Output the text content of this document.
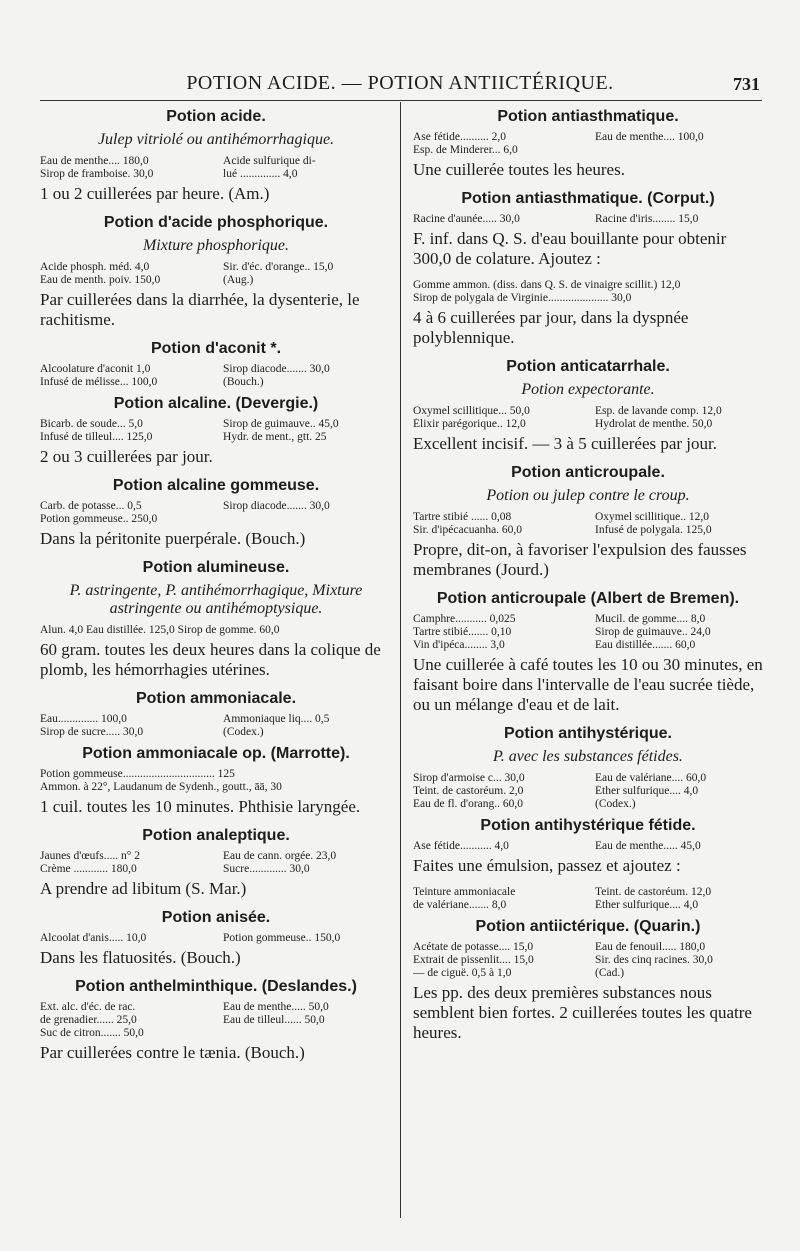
POTION ACIDE. — POTION ANTIICTÉRIQUE.	731
Potion acide.
Julep vitriolé ou antihémorrhagique.
Eau de menthe.... 180,0	Acide sulfurique di-
Sirop de framboise. 30,0	lué .............. 4,0
1 ou 2 cuillerées par heure. (Am.)
Potion d'acide phosphorique.
Mixture phosphorique.
Acide phosph. méd. 4,0	Sir. d'éc. d'orange.. 15,0
Eau de menth. poiv. 150,0	(Aug.)
Par cuillerées dans la diarrhée, la dysenterie, le rachitisme.
Potion d'aconit *.
Alcoolature d'aconit 1,0	Sirop diacode....... 30,0
Infusé de mélisse... 100,0	(Bouch.)
Potion alcaline. (Devergie.)
Bicarb. de soude... 5,0	Sirop de guimauve.. 45,0
Infusé de tilleul.... 125,0	Hydr. de ment., gtt. 25
2 ou 3 cuillerées par jour.
Potion alcaline gommeuse.
Carb. de potasse... 0,5	Sirop diacode....... 30,0
Potion gommeuse.. 250,0
Dans la péritonite puerpérale. (Bouch.)
Potion alumineuse.
P. astringente, P. antihémorrhagique, Mixture astringente ou antihémoptysique.
Alun. 4,0 Eau distillée. 125,0 Sirop de gomme. 60,0
60 gram. toutes les deux heures dans la colique de plomb, les hémorrhagies utérines.
Potion ammoniacale.
Eau.............. 100,0	Ammoniaque liq.... 0,5
Sirop de sucre..... 30,0	(Codex.)
Potion ammoniacale op. (Marrotte).
Potion gommeuse................................ 125
Ammon. à 22°, Laudanum de Sydenh., goutt., āā, 30
1 cuil. toutes les 10 minutes. Phthisie laryngée.
Potion analeptique.
Jaunes d'œufs..... n° 2	Eau de cann. orgée. 23,0
Crème ............ 180,0	Sucre............. 30,0
A prendre ad libitum (S. Mar.)
Potion anisée.
Alcoolat d'anis..... 10,0	Potion gommeuse.. 150,0
Dans les flatuosités. (Bouch.)
Potion anthelminthique. (Deslandes.)
Ext. alc. d'éc. de rac.	Eau de menthe..... 50,0
de grenadier...... 25,0	Eau de tilleul...... 50,0
Suc de citron....... 50,0
Par cuillerées contre le tænia. (Bouch.)
Potion antiasthmatique.
Ase fétide.......... 2,0	Eau de menthe.... 100,0
Esp. de Minderer... 6,0
Une cuillerée toutes les heures.
Potion antiasthmatique. (Corput.)
Racine d'aunée..... 30,0	Racine d'iris........ 15,0
F. inf. dans Q. S. d'eau bouillante pour obtenir 300,0 de colature. Ajoutez :
Gomme ammon. (diss. dans Q. S. de vinaigre scillit.) 12,0
Sirop de polygala de Virginie..................... 30,0
4 à 6 cuillerées par jour, dans la dyspnée polyblennique.
Potion anticatarrhale.
Potion expectorante.
Oxymel scillitique... 50,0	Esp. de lavande comp. 12,0
Élixir parégorique.. 12,0	Hydrolat de menthe. 50,0
Excellent incisif. — 3 à 5 cuillerées par jour.
Potion anticroupale.
Potion ou julep contre le croup.
Tartre stibié ...... 0,08	Oxymel scillitique.. 12,0
Sir. d'ipécacuanha. 60,0	Infusé de polygala. 125,0
Propre, dit-on, à favoriser l'expulsion des fausses membranes (Jourd.)
Potion anticroupale (Albert de Bremen).
Camphre........... 0,025	Mucil. de gomme.... 8,0
Tartre stibié....... 0,10	Sirop de guimauve.. 24,0
Vin d'ipéca........ 3,0	Eau distillée....... 60,0
Une cuillerée à café toutes les 10 ou 30 minutes, en faisant boire dans l'intervalle de l'eau sucrée tiède, ou un mélange d'eau et de lait.
Potion antihystérique.
P. avec les substances fétides.
Sirop d'armoise c... 30,0	Eau de valériane.... 60,0
Teint. de castoréum. 2,0	Éther sulfurique.... 4,0
Eau de fl. d'orang.. 60,0	(Codex.)
Potion antihystérique fétide.
Ase fétide........... 4,0	Eau de menthe..... 45,0
Faites une émulsion, passez et ajoutez :
Teinture ammoniacale	Teint. de castoréum. 12,0
de valériane....... 8,0	Éther sulfurique.... 4,0
Potion antiictérique. (Quarin.)
Acétate de potasse.... 15,0	Eau de fenouil..... 180,0
Extrait de pissenlit.... 15,0	Sir. des cinq racines. 30,0
— de ciguë. 0,5 à 1,0	(Cad.)
Les pp. des deux premières substances nous semblent bien fortes. 2 cuillerées toutes les quatre heures.
